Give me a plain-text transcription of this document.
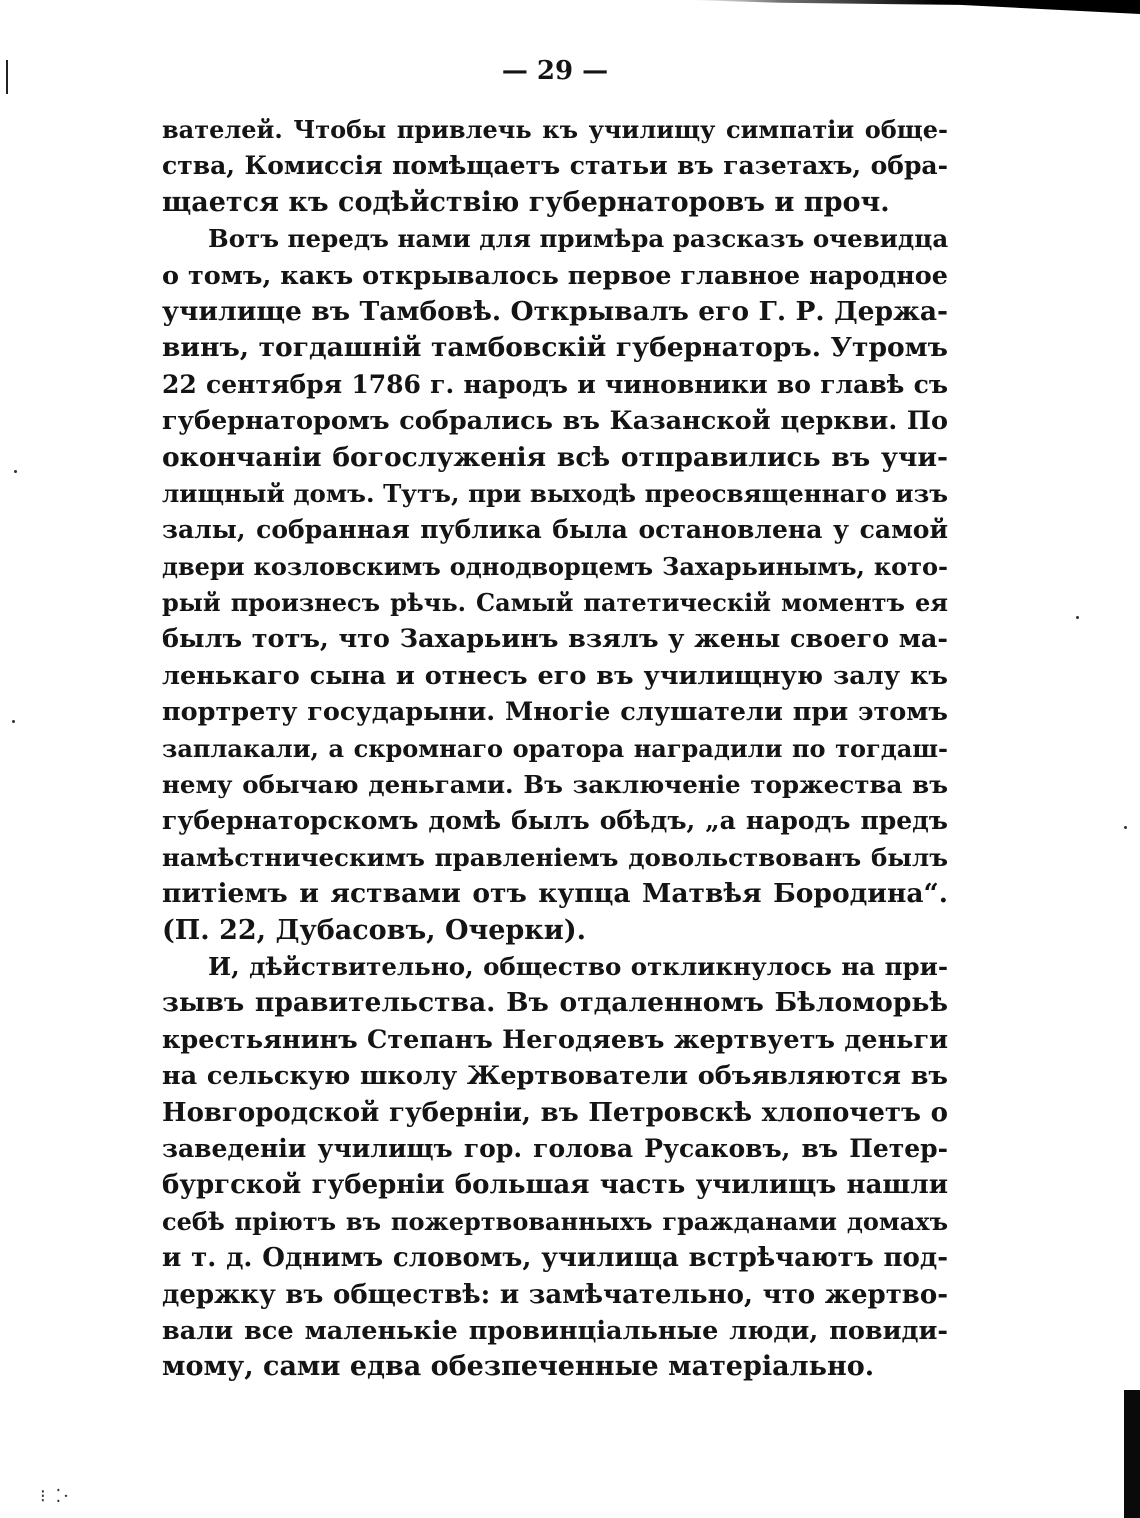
⁝ ⁚·
— 29 —
вателей. Чтобы привлечь къ училищу симпатіи обще-
ства, Комиссія помѣщаетъ статьи въ газетахъ, обра-
щается къ содѣйствію губернаторовъ и проч.
Вотъ передъ нами для примѣра разсказъ очевидца
о томъ, какъ открывалось первое главное народное
училище въ Тамбовѣ. Открывалъ его Г. Р. Держа-
винъ, тогдашній тамбовскій губернаторъ. Утромъ
22 сентября 1786 г. народъ и чиновники во главѣ съ
губернаторомъ собрались въ Казанской церкви. По
окончаніи богослуженія всѣ отправились въ учи-
лищный домъ. Тутъ, при выходѣ преосвященнаго изъ
залы, собранная публика была остановлена у самой
двери козловскимъ однодворцемъ Захарьинымъ, кото-
рый произнесъ рѣчь. Самый патетическій моментъ ея
былъ тотъ, что Захарьинъ взялъ у жены своего ма-
ленькаго сына и отнесъ его въ училищную залу къ
портрету государыни. Многіе слушатели при этомъ
заплакали, а скромнаго оратора наградили по тогдаш-
нему обычаю деньгами. Въ заключеніе торжества въ
губернаторскомъ домѣ былъ обѣдъ, „а народъ предъ
намѣстническимъ правленіемъ довольствованъ былъ
питіемъ и яствами отъ купца Матвѣя Бородина“.
(П. 22, Дубасовъ, Очерки).
И, дѣйствительно, общество откликнулось на при-
зывъ правительства. Въ отдаленномъ Бѣломорьѣ
крестьянинъ Степанъ Негодяевъ жертвуетъ деньги
на сельскую школу Жертвователи объявляются въ
Новгородской губерніи, въ Петровскѣ хлопочетъ о
заведеніи училищъ гор. голова Русаковъ, въ Петер-
бургской губерніи большая часть училищъ нашли
себѣ пріютъ въ пожертвованныхъ гражданами домахъ
и т. д. Однимъ словомъ, училища встрѣчаютъ под-
держку въ обществѣ: и замѣчательно, что жертво-
вали все маленькіе провинціальные люди, повиди-
мому, сами едва обезпеченные матеріально.
